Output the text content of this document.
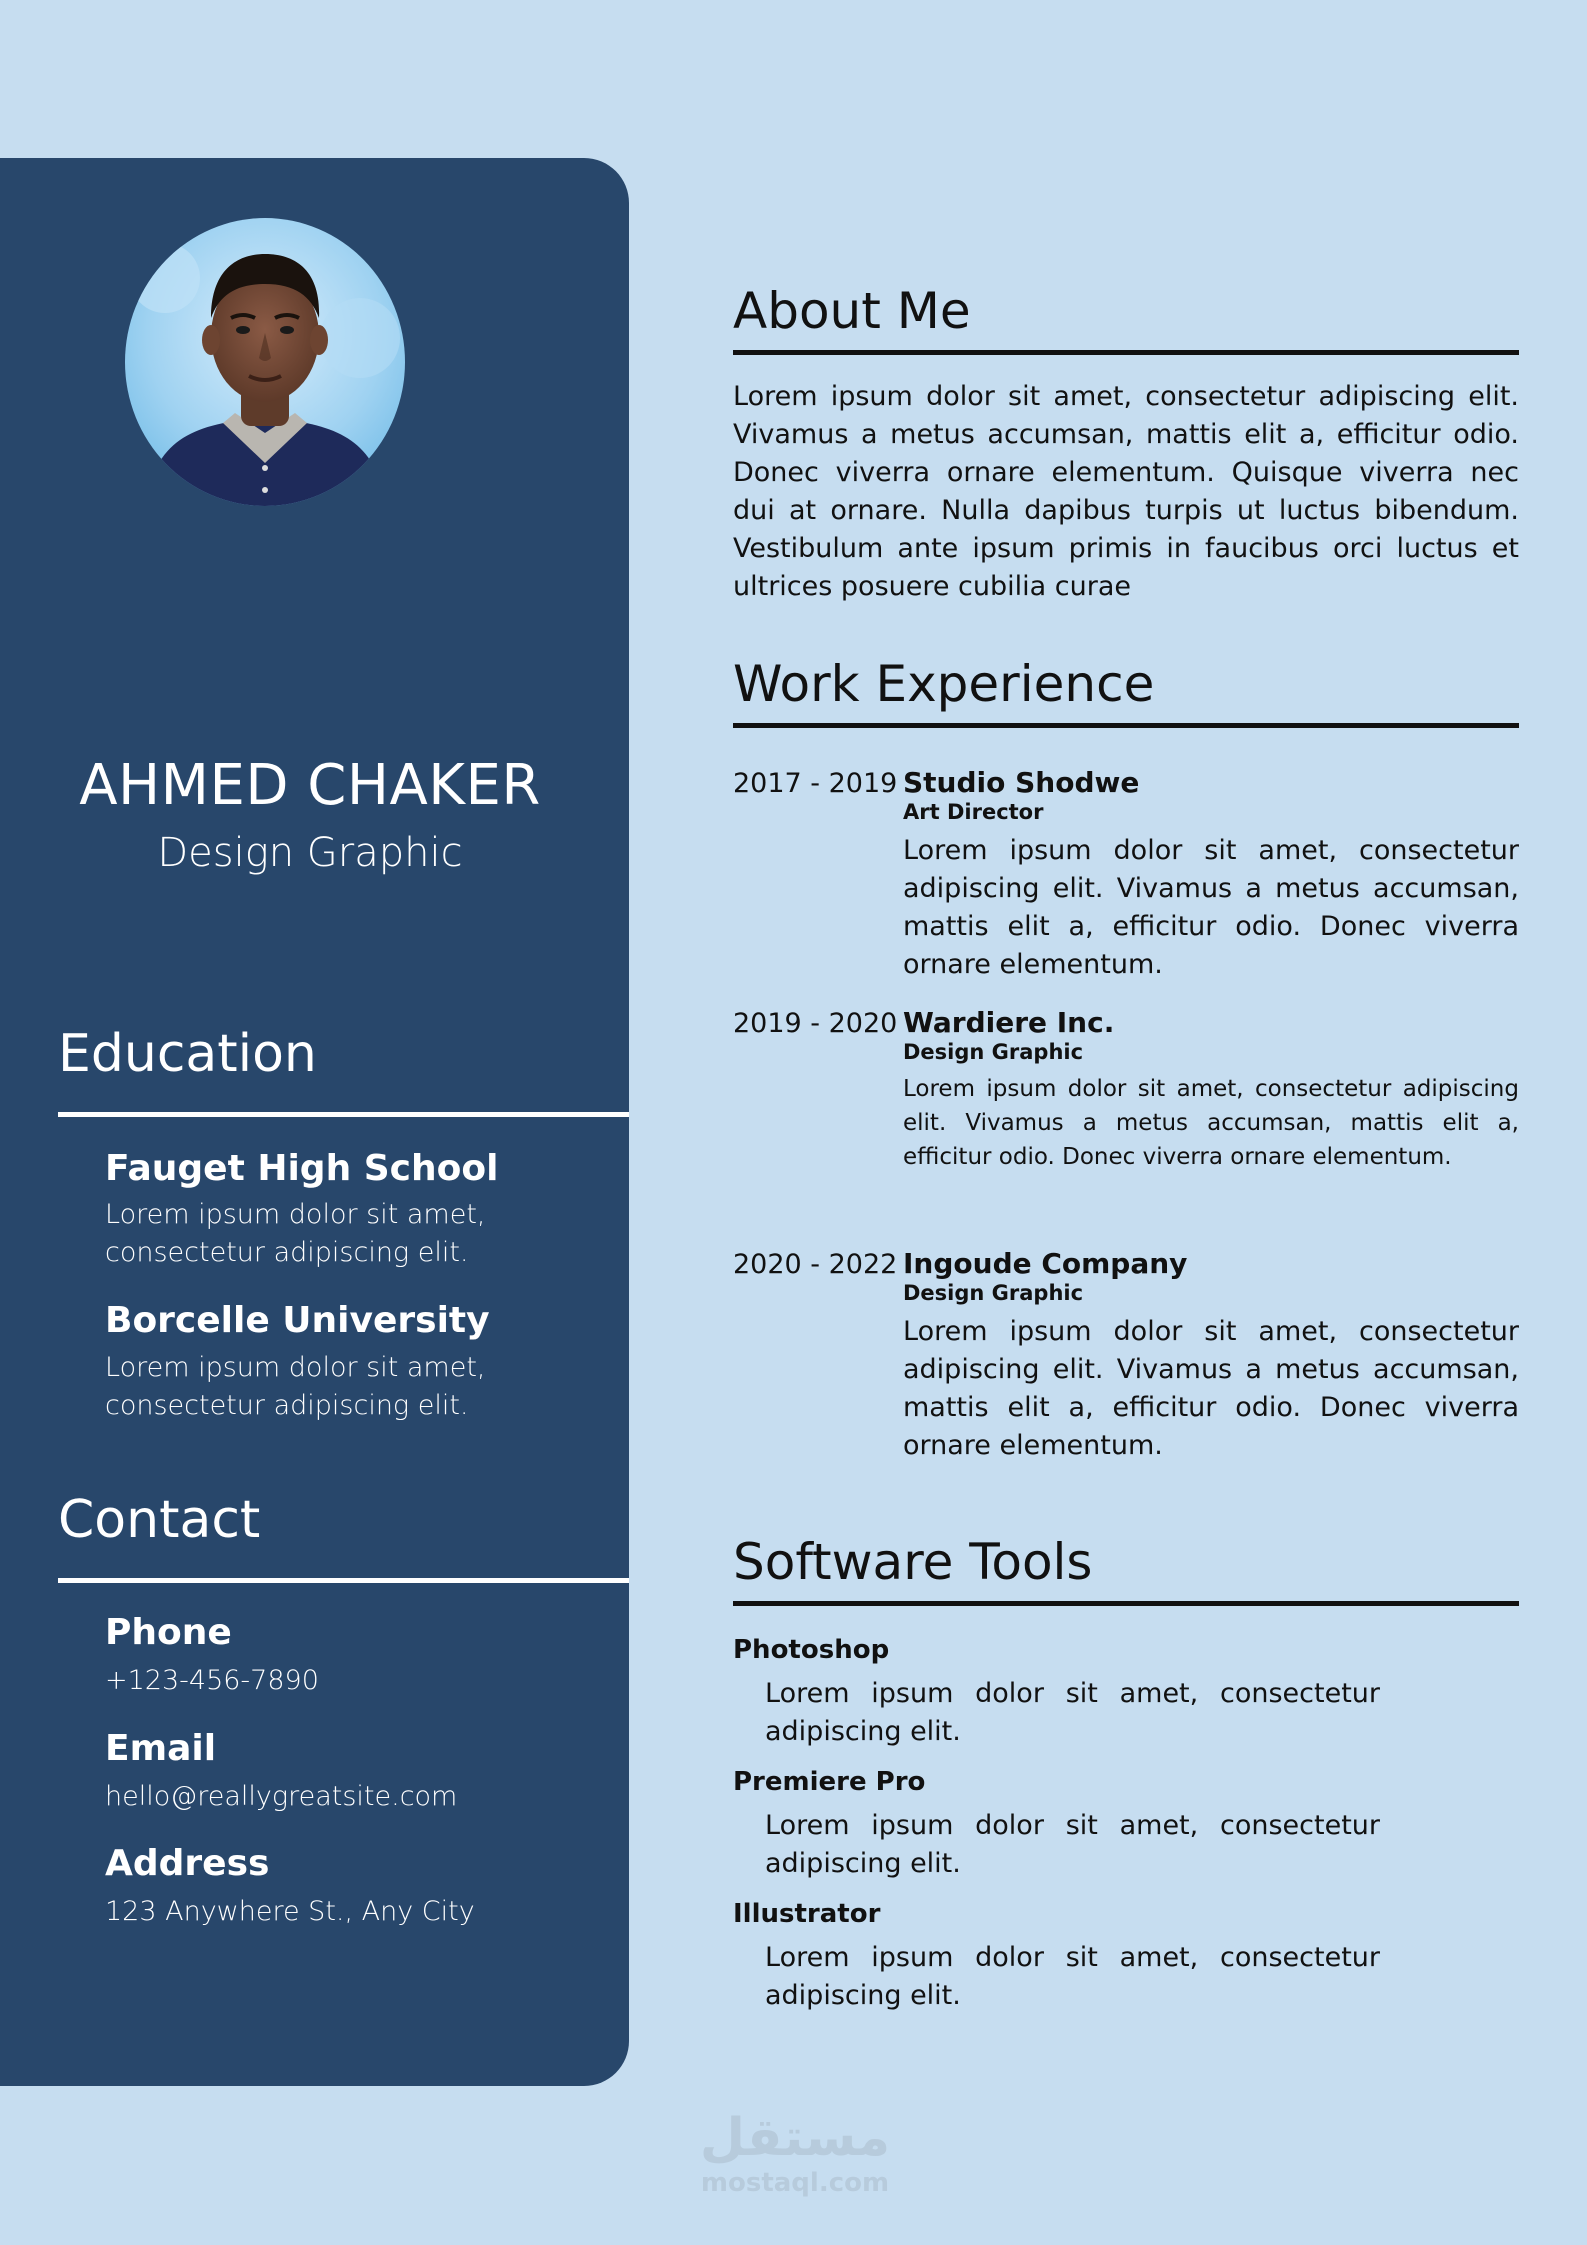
AHMED CHAKER
Design Graphic
Education
Fauget High School
Lorem ipsum dolor sit amet,
consectetur adipiscing elit.
Borcelle University
Lorem ipsum dolor sit amet,
consectetur adipiscing elit.
Contact
Phone
+123-456-7890
Email
hello@reallygreatsite.com
Address
123 Anywhere St., Any City
About Me
Lorem ipsum dolor sit amet, consectetur adipiscing elit. Vivamus a metus accumsan, mattis elit a, efficitur odio. Donec viverra ornare elementum. Quisque viverra nec dui at ornare. Nulla dapibus turpis ut luctus bibendum. Vestibulum ante ipsum primis in faucibus orci luctus et ultrices posuere cubilia curae
Work Experience
2017 - 2019 Studio Shodwe
Art Director
Lorem ipsum dolor sit amet, consectetur adipiscing elit. Vivamus a metus accumsan, mattis elit a, efficitur odio. Donec viverra ornare elementum.
2019 - 2020 Wardiere Inc.
Design Graphic
Lorem ipsum dolor sit amet, consectetur adipiscing elit. Vivamus a metus accumsan, mattis elit a, efficitur odio. Donec viverra ornare elementum.
2020 - 2022 Ingoude Company
Design Graphic
Lorem ipsum dolor sit amet, consectetur adipiscing elit. Vivamus a metus accumsan, mattis elit a, efficitur odio. Donec viverra ornare elementum.
Software Tools
Photoshop
Lorem ipsum dolor sit amet, consectetur adipiscing elit.
Premiere Pro
Lorem ipsum dolor sit amet, consectetur adipiscing elit.
Illustrator
Lorem ipsum dolor sit amet, consectetur adipiscing elit.
مستقل
mostaql.com
